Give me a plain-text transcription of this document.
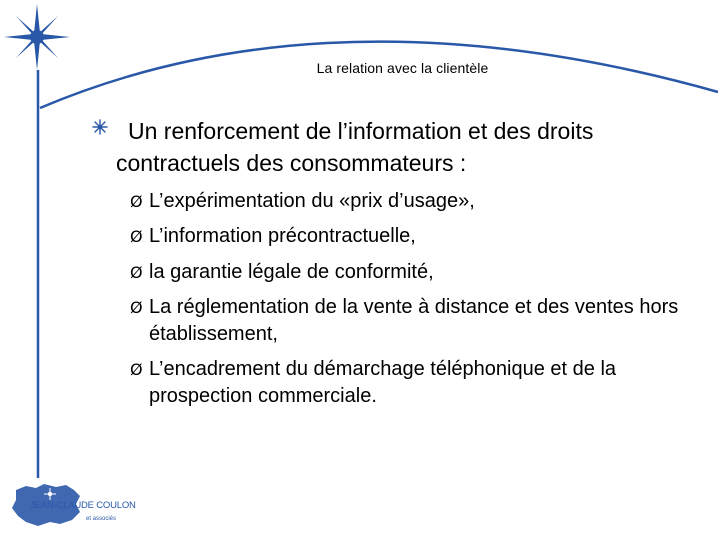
La relation avec la clientèle
Un renforcement de l’information et des droits contractuels des consommateurs :
Ø L’expérimentation du «prix d’usage»,
Ø L’information précontractuelle,
Ø la garantie légale de conformité,
Ø La réglementation de la vente à distance et des ventes hors établissement,
Ø L’encadrement du démarchage téléphonique et de la prospection commerciale.
JEAN-CLAUDE COULON
et associés
